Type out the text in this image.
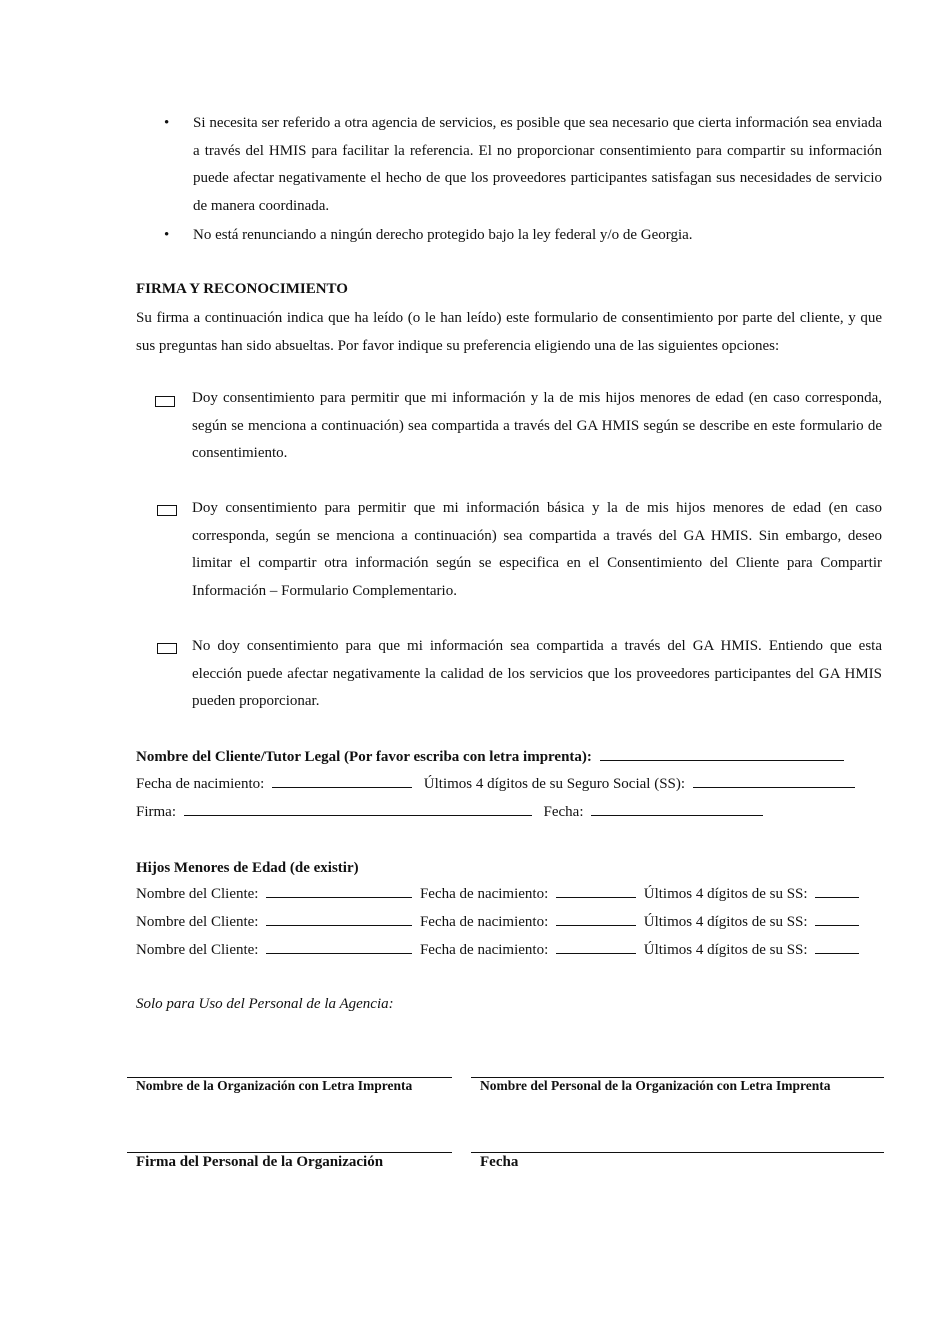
• Si necesita ser referido a otra agencia de servicios, es posible que sea necesario que cierta información sea enviada a través del HMIS para facilitar la referencia. El no proporcionar consentimiento para compartir su información puede afectar negativamente el hecho de que los proveedores participantes satisfagan sus necesidades de servicio de manera coordinada.
• No está renunciando a ningún derecho protegido bajo la ley federal y/o de Georgia.
FIRMA Y RECONOCIMIENTO

Su firma a continuación indica que ha leído (o le han leído) este formulario de consentimiento por parte del cliente, y que sus preguntas han sido absueltas. Por favor indique su preferencia eligiendo una de las siguientes opciones:

Doy consentimiento para permitir que mi información y la de mis hijos menores de edad (en caso corresponda, según se menciona a continuación) sea compartida a través del GA HMIS según se describe en este formulario de consentimiento.

Doy consentimiento para permitir que mi información básica y la de mis hijos menores de edad (en caso corresponda, según se menciona a continuación) sea compartida a través del GA HMIS. Sin embargo, deseo limitar el compartir otra información según se especifica en el Consentimiento del Cliente para Compartir Información – Formulario Complementario.

No doy consentimiento para que mi información sea compartida a través del GA HMIS. Entiendo que esta elección puede afectar negativamente la calidad de los servicios que los proveedores participantes del GA HMIS pueden proporcionar.

Nombre del Cliente/Tutor Legal (Por favor escriba con letra imprenta):
Fecha de nacimiento:	Últimos 4 dígitos de su Seguro Social (SS):
Firma:	Fecha:
Hijos Menores de Edad (de existir)
Nombre del Cliente:	Fecha de nacimiento:	Últimos 4 dígitos de su SS:
Nombre del Cliente:	Fecha de nacimiento:	Últimos 4 dígitos de su SS:
Nombre del Cliente:	Fecha de nacimiento:	Últimos 4 dígitos de su SS:
Solo para Uso del Personal de la Agencia:
Nombre de la Organización con Letra Imprenta	Nombre del Personal de la Organización con Letra Imprenta
Firma del Personal de la Organización	Fecha
